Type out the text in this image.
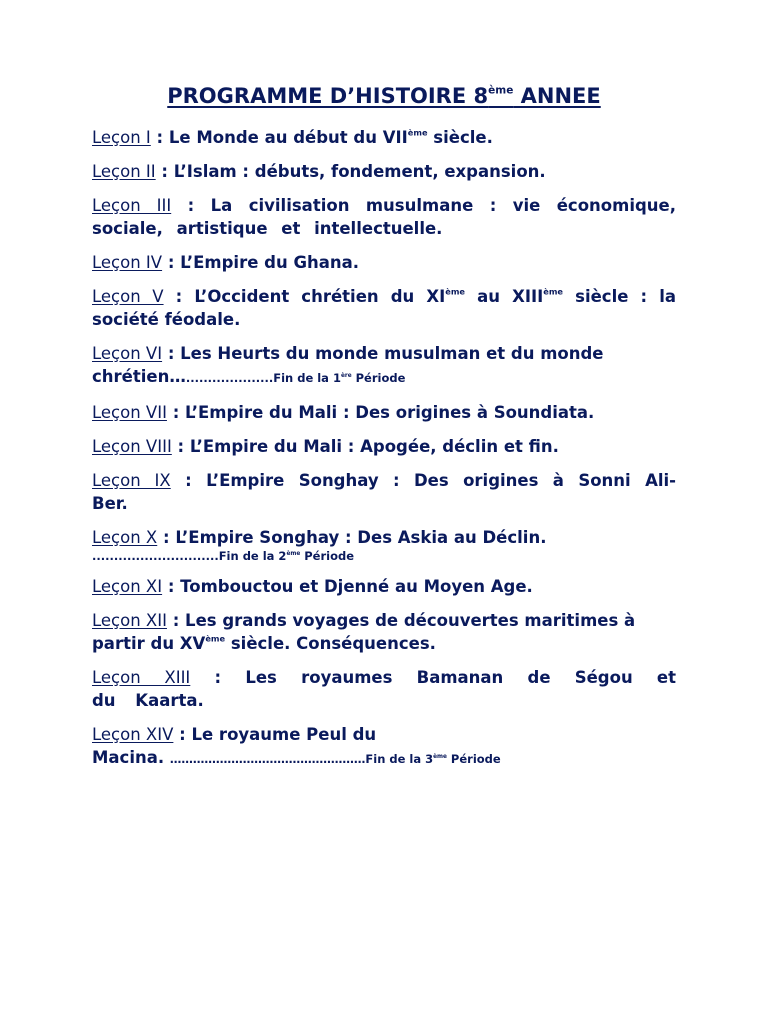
PROGRAMME D’HISTOIRE 8ème ANNEE
Leçon I : Le Monde au début du VIIème siècle.
Leçon II : L’Islam : débuts, fondement, expansion.
Leçon III : La civilisation musulmane : vie économique, sociale, artistique et intellectuelle.
Leçon IV : L’Empire du Ghana.
Leçon V : L’Occident chrétien du XIème au XIIIème siècle : la société féodale.
Leçon VI : Les Heurts du monde musulman et du monde chrétien…....................Fin de la 1ère Période
Leçon VII : L’Empire du Mali : Des origines à Soundiata.
Leçon VIII : L’Empire du Mali : Apogée, déclin et fin.
Leçon IX : L’Empire Songhay : Des origines à Sonni Ali-Ber.
Leçon X : L’Empire Songhay : Des Askia au Déclin.
.............................Fin de la 2ème Période
Leçon XI : Tombouctou et Djenné au Moyen Age.
Leçon XII : Les grands voyages de découvertes maritimes à partir du XVème siècle. Conséquences.
Leçon XIII : Les royaumes Bamanan de Ségou et du Kaarta.
Leçon XIV : Le royaume Peul du
Macina. ……………………………………………Fin de la 3ème Période
